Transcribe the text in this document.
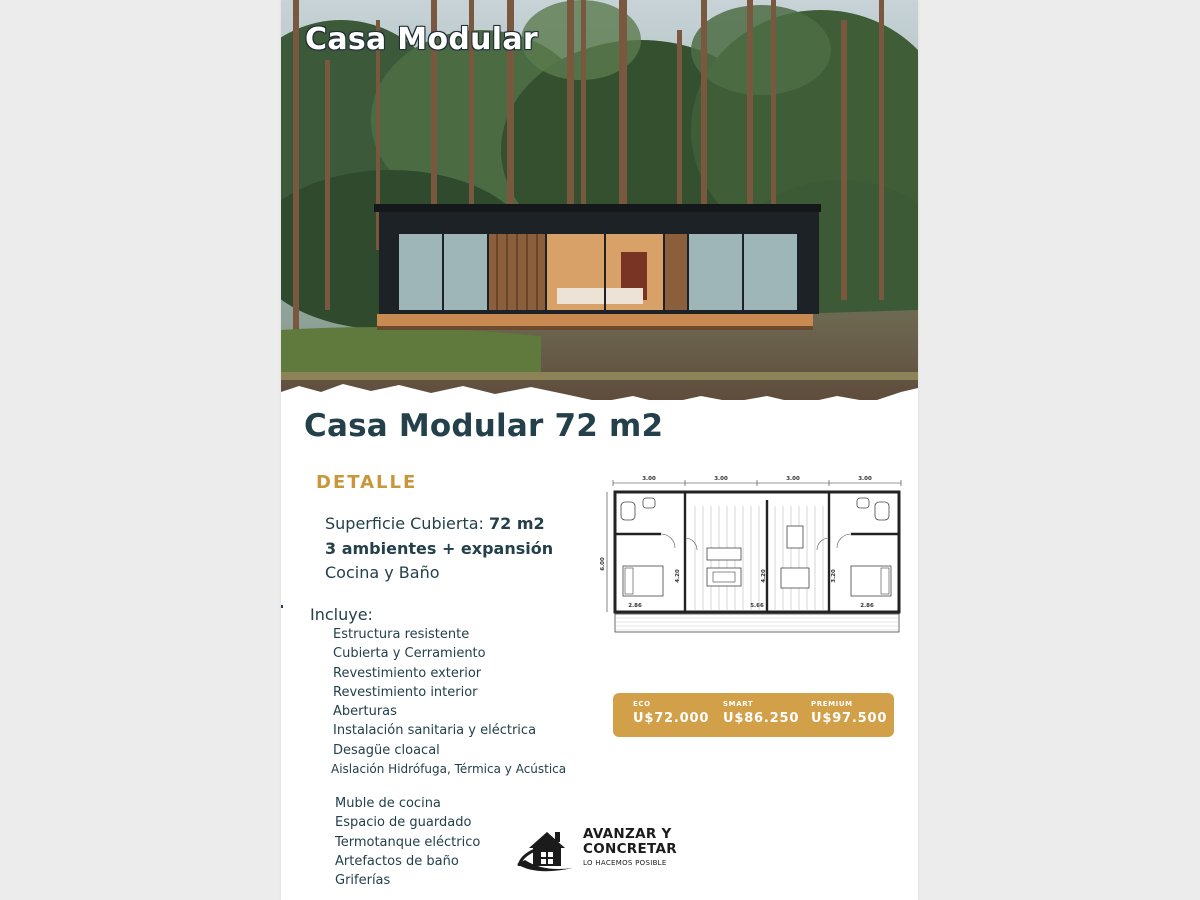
Casa Modular
Casa Modular 72 m2
DETALLE
Superficie Cubierta: 72 m2
3 ambientes + expansión
Cocina y Baño
Incluye:
Estructura resistente
Cubierta y Cerramiento
Revestimiento exterior
Revestimiento interior
Aberturas
Instalación sanitaria y eléctrica
Desagüe cloacal
Aislación Hidrófuga, Térmica y Acústica
Muble de cocina
Espacio de guardado
Termotanque eléctrico
Artefactos de baño
Griferías
3.00	3.00	3.00	3.00
6.00
4.20	4.20	3.20
2.86	5.66	2.86
ECO
U$72.000
SMART
U$86.250
PREMIUM
U$97.500
AVANZAR Y
CONCRETAR
LO HACEMOS POSIBLE
